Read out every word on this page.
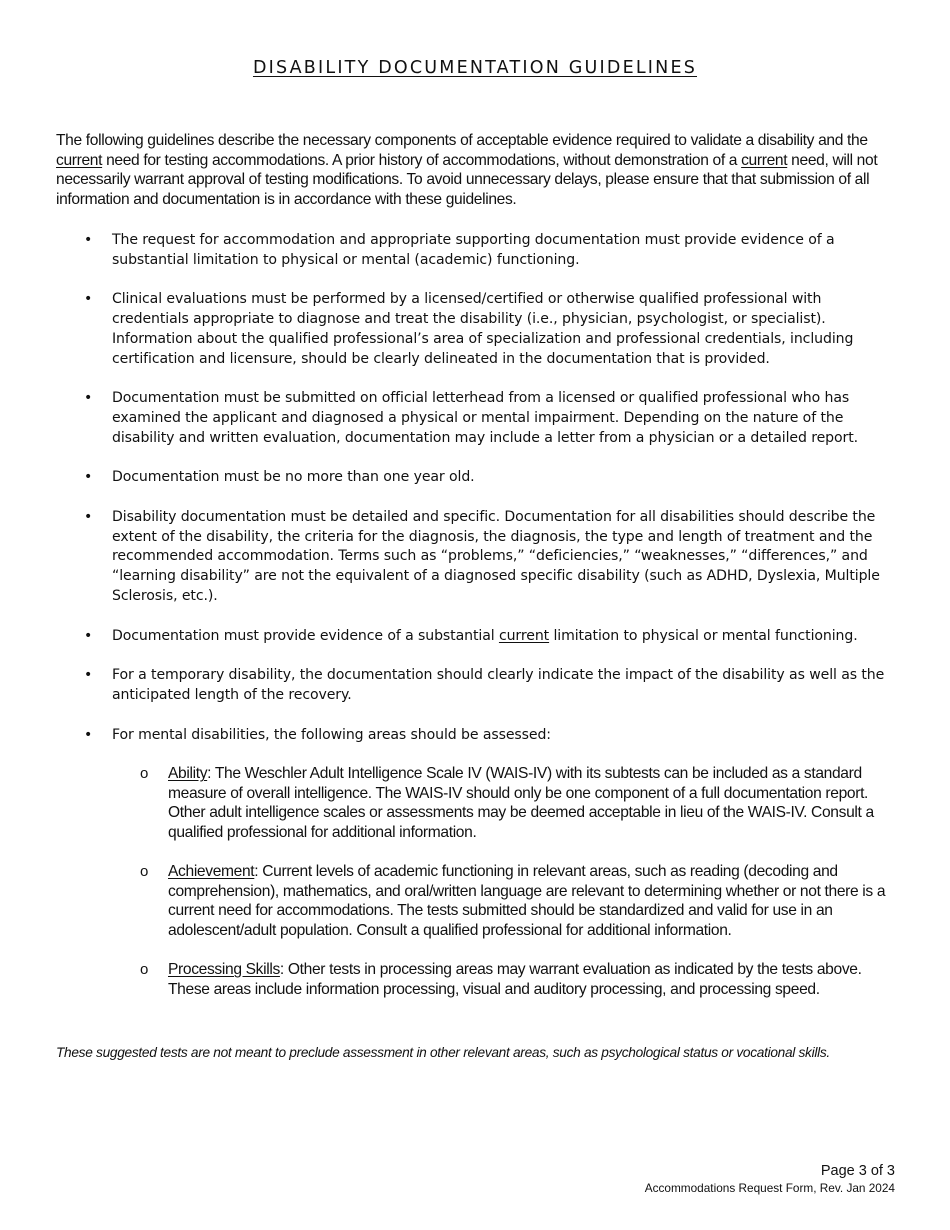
DISABILITY DOCUMENTATION GUIDELINES

The following guidelines describe the necessary components of acceptable evidence required to validate a disability and the current need for testing accommodations. A prior history of accommodations, without demonstration of a current need, will not necessarily warrant approval of testing modifications. To avoid unnecessary delays, please ensure that that submission of all information and documentation is in accordance with these guidelines.

• The request for accommodation and appropriate supporting documentation must provide evidence of a substantial limitation to physical or mental (academic) functioning.
• Clinical evaluations must be performed by a licensed/certified or otherwise qualified professional with credentials appropriate to diagnose and treat the disability (i.e., physician, psychologist, or specialist). Information about the qualified professional’s area of specialization and professional credentials, including certification and licensure, should be clearly delineated in the documentation that is provided.
• Documentation must be submitted on official letterhead from a licensed or qualified professional who has examined the applicant and diagnosed a physical or mental impairment. Depending on the nature of the disability and written evaluation, documentation may include a letter from a physician or a detailed report.
• Documentation must be no more than one year old.
• Disability documentation must be detailed and specific. Documentation for all disabilities should describe the extent of the disability, the criteria for the diagnosis, the diagnosis, the type and length of treatment and the recommended accommodation. Terms such as “problems,” “deficiencies,” “weaknesses,” “differences,” and “learning disability” are not the equivalent of a diagnosed specific disability (such as ADHD, Dyslexia, Multiple Sclerosis, etc.).
• Documentation must provide evidence of a substantial current limitation to physical or mental functioning.
• For a temporary disability, the documentation should clearly indicate the impact of the disability as well as the anticipated length of the recovery.
• For mental disabilities, the following areas should be assessed:
o Ability: The Weschler Adult Intelligence Scale IV (WAIS-IV) with its subtests can be included as a standard measure of overall intelligence. The WAIS-IV should only be one component of a full documentation report. Other adult intelligence scales or assessments may be deemed acceptable in lieu of the WAIS-IV. Consult a qualified professional for additional information.
o Achievement: Current levels of academic functioning in relevant areas, such as reading (decoding and comprehension), mathematics, and oral/written language are relevant to determining whether or not there is a current need for accommodations. The tests submitted should be standardized and valid for use in an adolescent/adult population. Consult a qualified professional for additional information.
o Processing Skills: Other tests in processing areas may warrant evaluation as indicated by the tests above. These areas include information processing, visual and auditory processing, and processing speed.
These suggested tests are not meant to preclude assessment in other relevant areas, such as psychological status or vocational skills.
Page 3 of 3
Accommodations Request Form, Rev. Jan 2024
